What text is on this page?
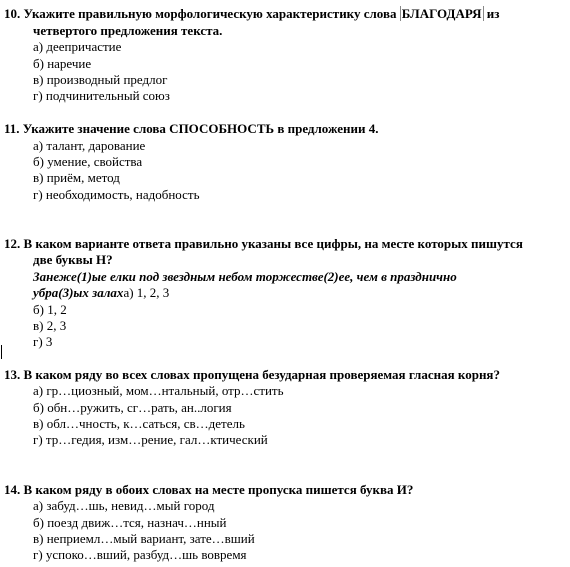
10. Укажите правильную морфологическую характеристику слова БЛАГОДАРЯ из
четвертого предложения текста.
а) деепричастие
б) наречие
в) производный предлог
г) подчинительный союз
11. Укажите значение слова СПОСОБНОСТЬ в предложении 4.
а) талант, дарование
б) умение, свойства
в) приём, метод
г) необходимость, надобность
12. В каком варианте ответа правильно указаны все цифры, на месте которых пишутся
две буквы Н?
Занеже(1)ые елки под звездным небом торжестве(2)ее, чем в празднично
убра(3)ых залаха) 1, 2, 3
б) 1, 2
в) 2, 3
г) 3
13. В каком ряду во всех словах пропущена безударная проверяемая гласная корня?
а) гр…циозный, мом…нтальный, отр…стить
б) обн…ружить, сг…рать, ан..логия
в) обл…чность, к…саться, св…детель
г) тр…гедия, изм…рение, гал…ктический
14. В каком ряду в обоих словах на месте пропуска пишется буква И?
а) забуд…шь, невид…мый город
б) поезд движ…тся, назнач…нный
в) неприемл…мый вариант, зате…вший
г) успоко…вший, разбуд…шь вовремя
